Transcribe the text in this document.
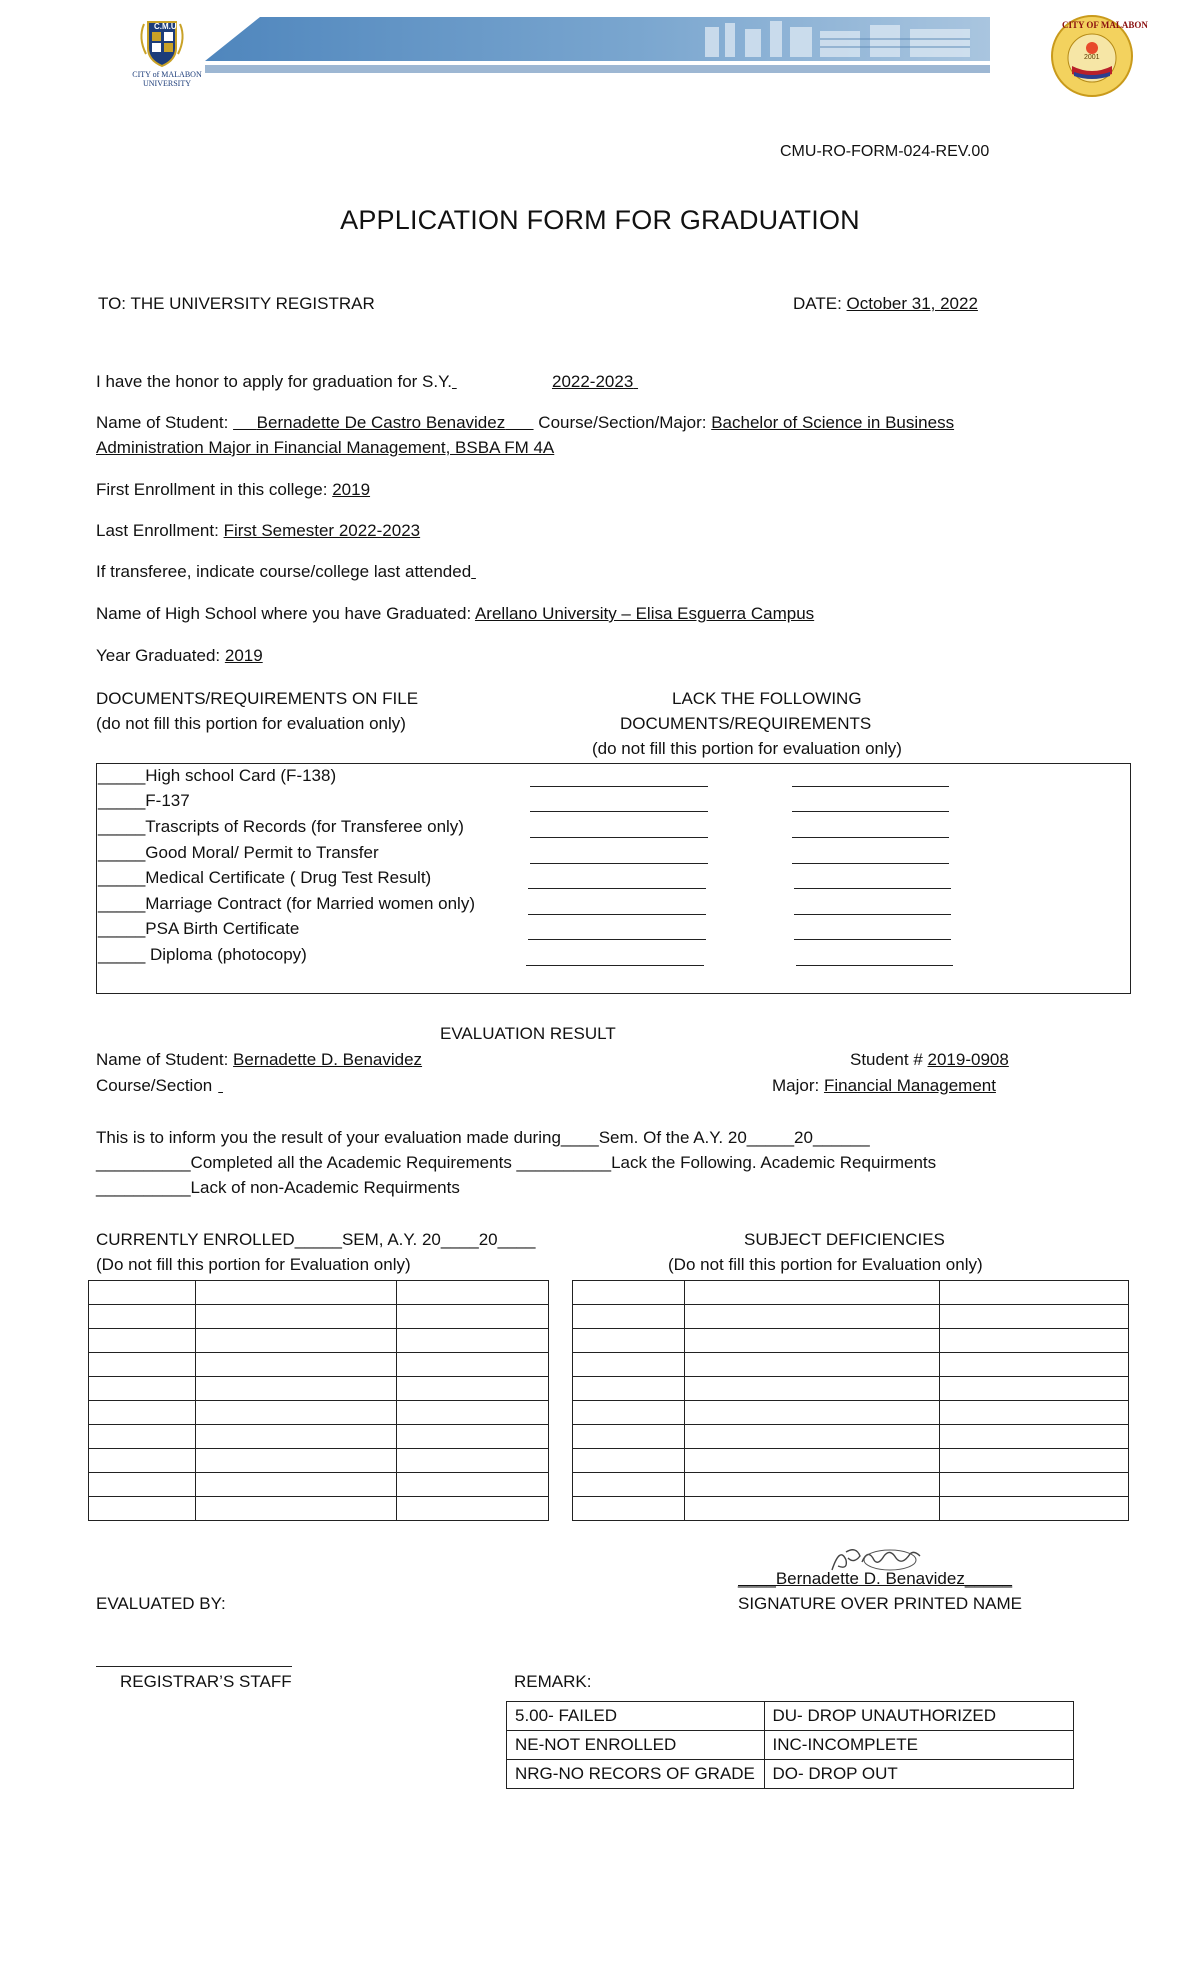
C.M.U
CITY of MALABON UNIVERSITY
CITY OF MALABON
2001
CMU-RO-FORM-024-REV.00
APPLICATION FORM FOR GRADUATION
TO: THE UNIVERSITY REGISTRAR	DATE: October 31, 2022
I have the honor to apply for graduation for S.Y.	2022-2023
Name of Student: Bernadette De Castro Benavidez Course/Section/Major: Bachelor of Science in Business
Administration Major in Financial Management, BSBA FM 4A
First Enrollment in this college: 2019
Last Enrollment: First Semester 2022-2023
If transferee, indicate course/college last attended
Name of High School where you have Graduated: Arellano University – Elisa Esguerra Campus
Year Graduated: 2019
DOCUMENTS/REQUIREMENTS ON FILE
(do not fill this portion for evaluation only)
LACK THE FOLLOWING
DOCUMENTS/REQUIREMENTS
(do not fill this portion for evaluation only)
_____High school Card (F-138)
_____F-137
_____Trascripts of Records (for Transferee only)
_____Good Moral/ Permit to Transfer
_____Medical Certificate ( Drug Test Result)
_____Marriage Contract (for Married women only)
_____PSA Birth Certificate
_____ Diploma (photocopy)
EVALUATION RESULT
Name of Student: Bernadette D. Benavidez	Student # 2019-0908
Course/Section	Major: Financial Management
This is to inform you the result of your evaluation made during____Sem. Of the A.Y. 20_____20______
__________Completed all the Academic Requirements __________Lack the Following. Academic Requirments
__________Lack of non-Academic Requirments
CURRENTLY ENROLLED_____SEM, A.Y. 20____20____
(Do not fill this portion for Evaluation only)
SUBJECT DEFICIENCIES
(Do not fill this portion for Evaluation only)

____Bernadette D. Benavidez_____
SIGNATURE OVER PRINTED NAME
EVALUATED BY:
REGISTRAR’S STAFF	REMARK:
5.00- FAILED	DU- DROP UNAUTHORIZED
NE-NOT ENROLLED	INC-INCOMPLETE
NRG-NO RECORS OF GRADE	DO- DROP OUT
